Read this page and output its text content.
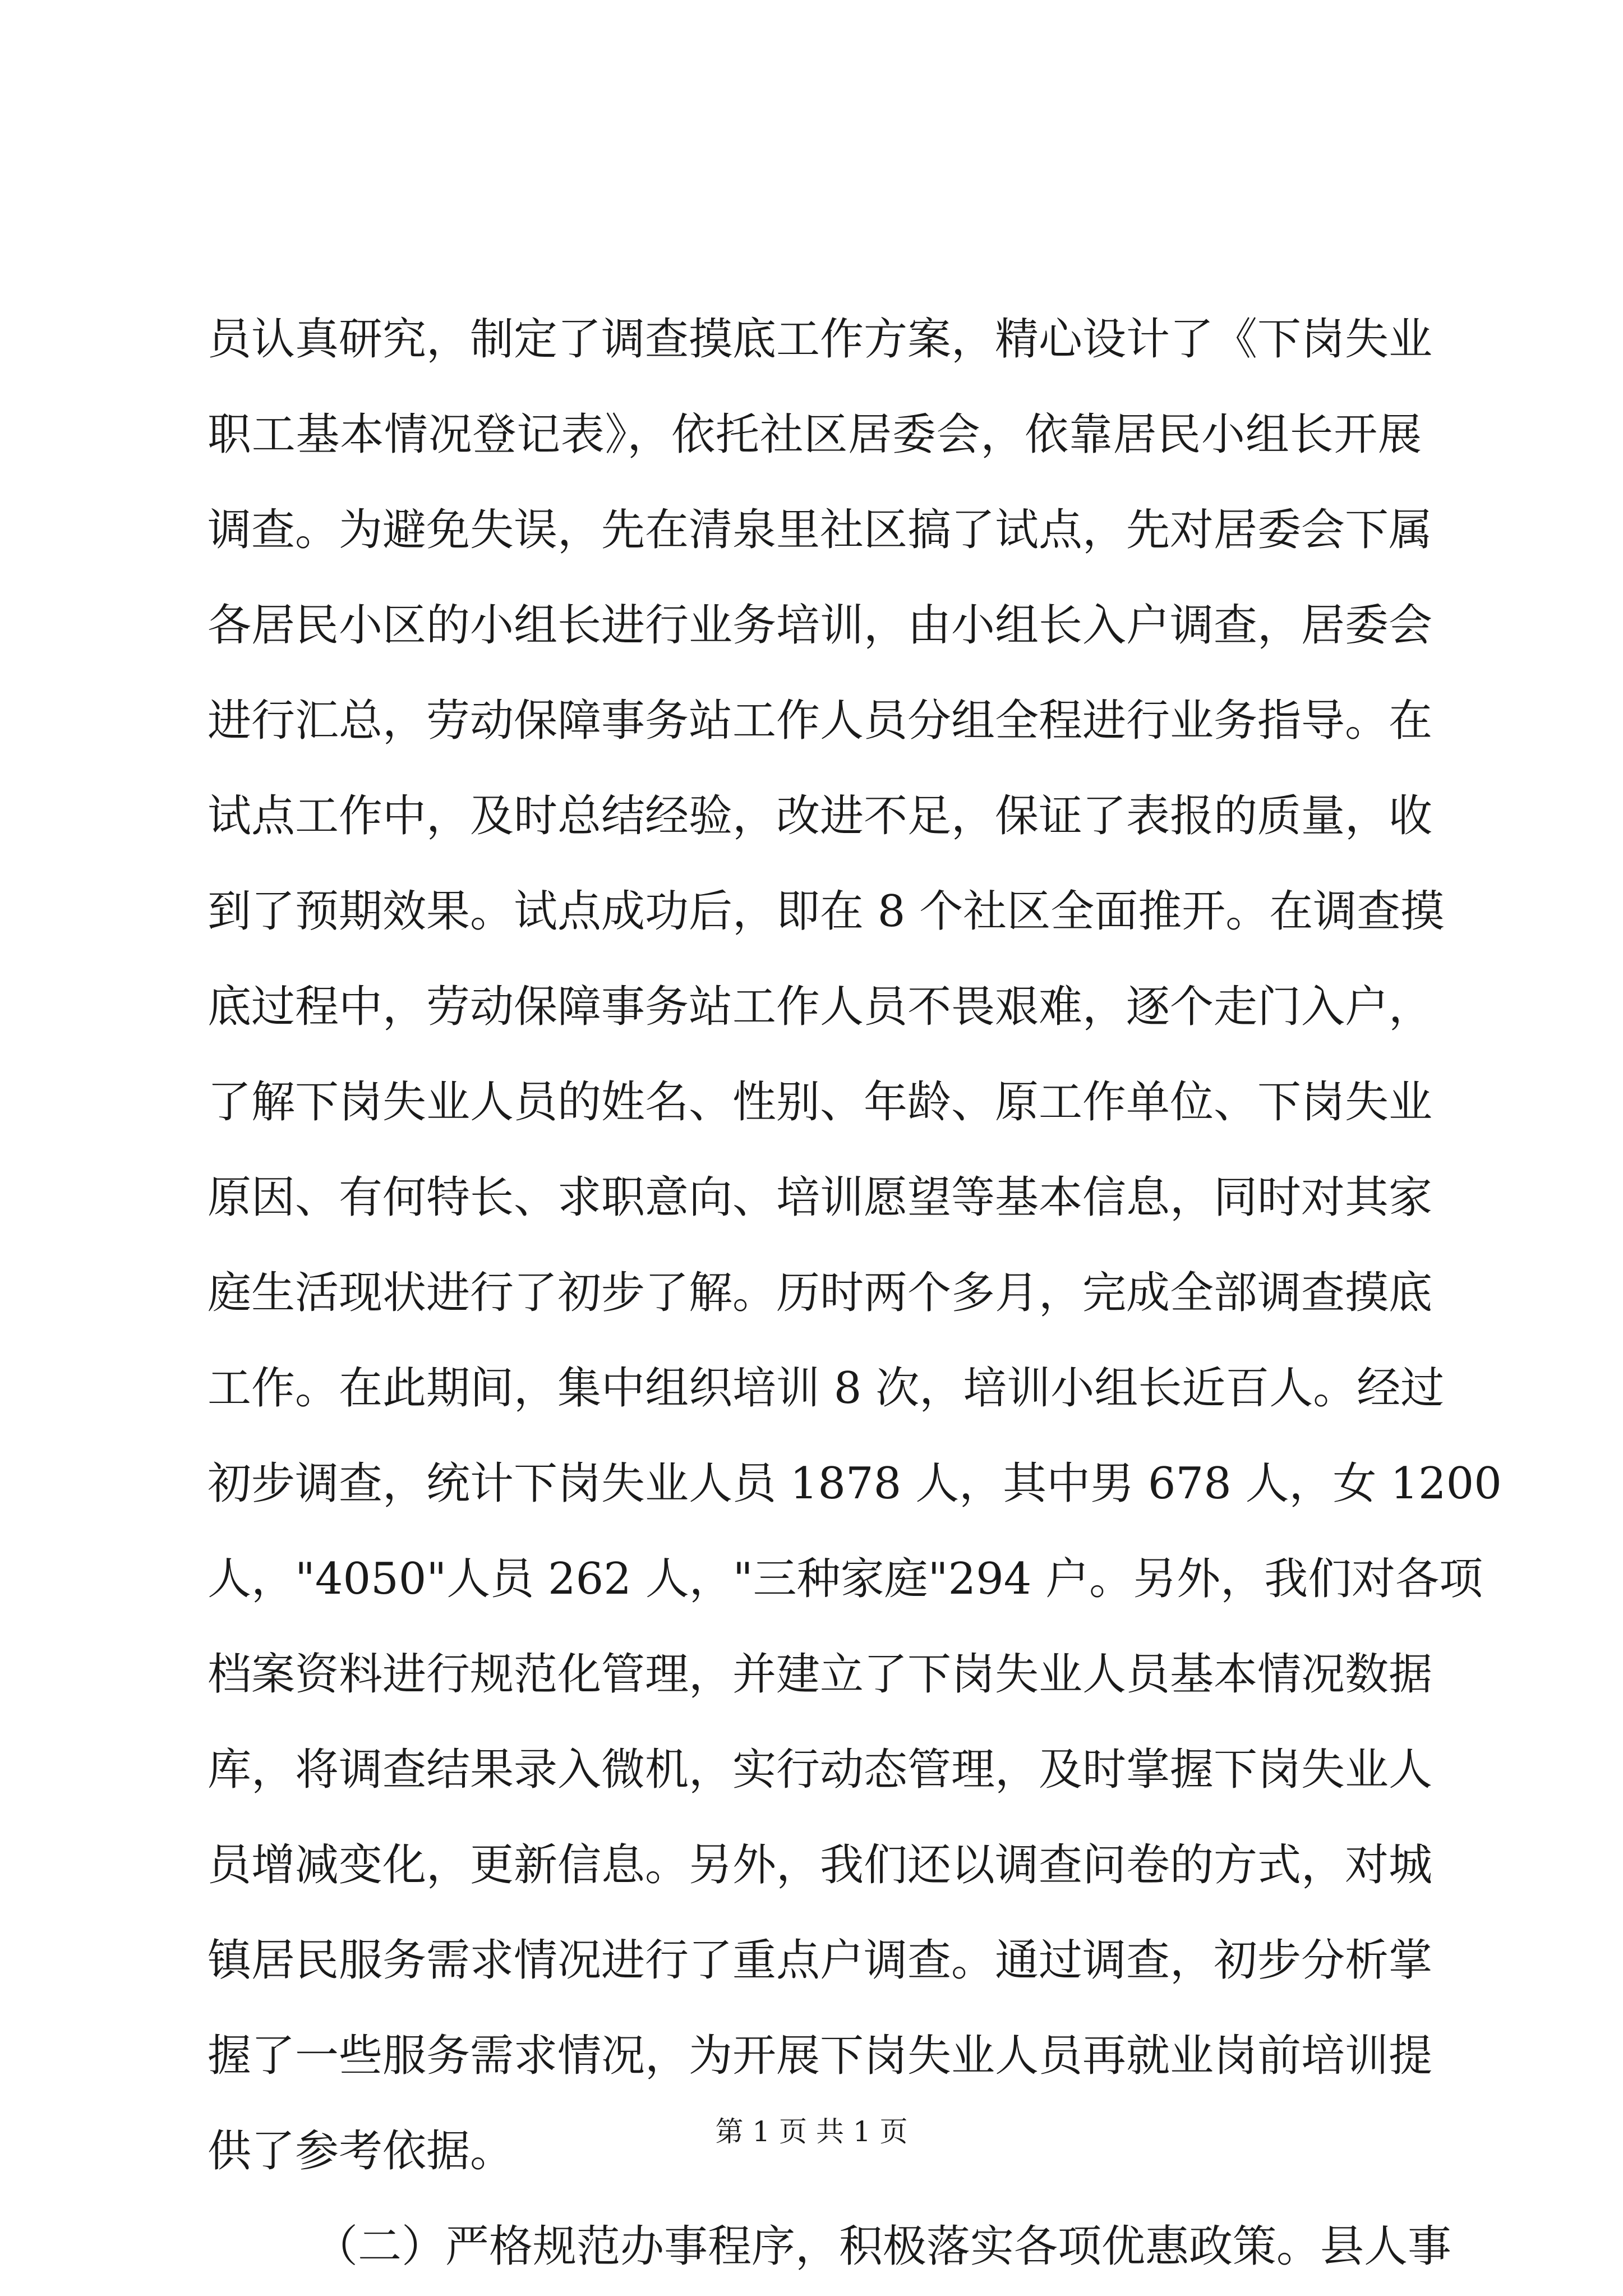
员认真研究，制定了调查摸底工作方案，精心设计了《下岗失业
职工基本情况登记表》，依托社区居委会，依靠居民小组长开展
调查。为避免失误，先在清泉里社区搞了试点，先对居委会下属
各居民小区的小组长进行业务培训，由小组长入户调查，居委会
进行汇总，劳动保障事务站工作人员分组全程进行业务指导。在
试点工作中，及时总结经验，改进不足，保证了表报的质量，收
到了预期效果。试点成功后，即在 8 个社区全面推开。在调查摸
底过程中，劳动保障事务站工作人员不畏艰难，逐个走门入户，
了解下岗失业人员的姓名、性别、年龄、原工作单位、下岗失业
原因、有何特长、求职意向、培训愿望等基本信息，同时对其家
庭生活现状进行了初步了解。历时两个多月，完成全部调查摸底
工作。在此期间，集中组织培训 8 次，培训小组长近百人。经过
初步调查，统计下岗失业人员 1878 人，其中男 678 人，女 1200
人，"4050"人员 262 人，"三种家庭"294 户。另外，我们对各项
档案资料进行规范化管理，并建立了下岗失业人员基本情况数据
库，将调查结果录入微机，实行动态管理，及时掌握下岗失业人
员增减变化，更新信息。另外，我们还以调查问卷的方式，对城
镇居民服务需求情况进行了重点户调查。通过调查，初步分析掌
握了一些服务需求情况，为开展下岗失业人员再就业岗前培训提
供了参考依据。
（二）严格规范办事程序，积极落实各项优惠政策。县人事
第 1 页 共 1 页
